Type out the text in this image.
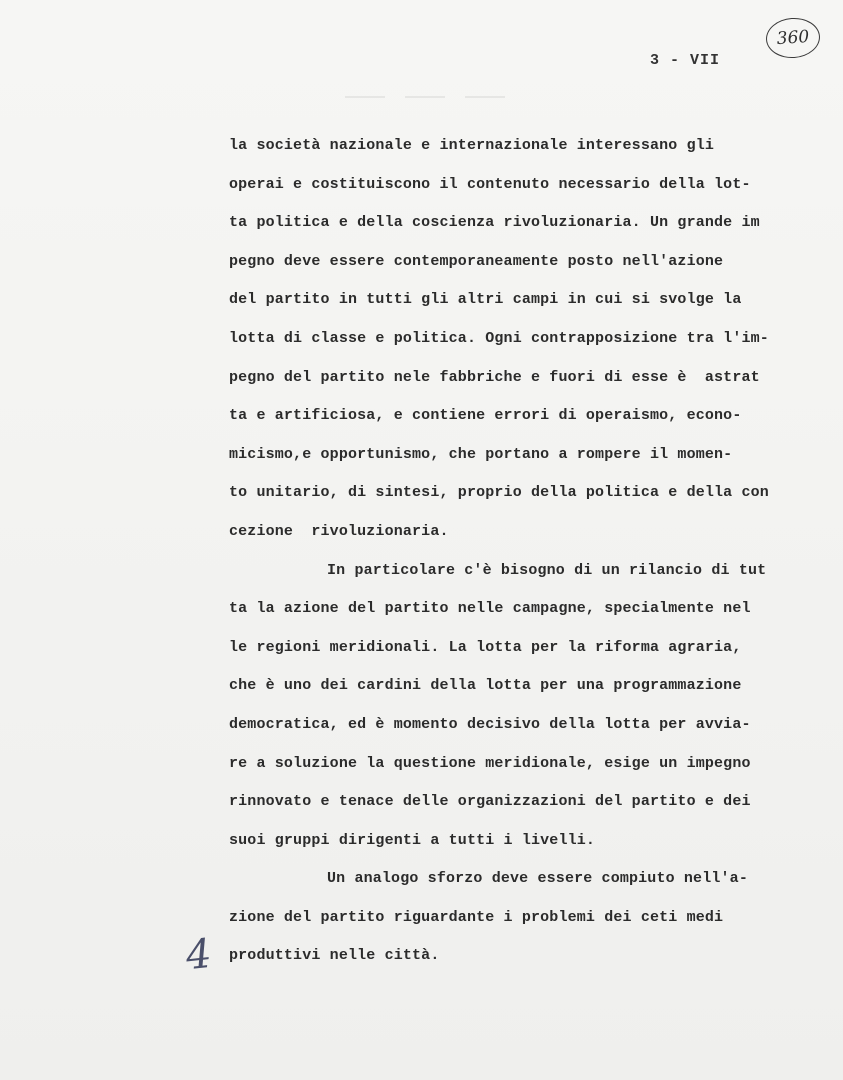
3 - VII
360
la società nazionale e internazionale interessano gli
operai e costituiscono il contenuto necessario della lot-
ta politica e della coscienza rivoluzionaria. Un grande im
pegno deve essere contemporaneamente posto nell'azione
del partito in tutti gli altri campi in cui si svolge la
lotta di classe e politica. Ogni contrapposizione tra l'im-
pegno del partito nele fabbriche e fuori di esse è  astrat
ta e artificiosa, e contiene errori di operaismo, econo-
micismo,e opportunismo, che portano a rompere il momen-
to unitario, di sintesi, proprio della politica e della con
cezione  rivoluzionaria.
In particolare c'è bisogno di un rilancio di tut
ta la azione del partito nelle campagne, specialmente nel
le regioni meridionali. La lotta per la riforma agraria,
che è uno dei cardini della lotta per una programmazione
democratica, ed è momento decisivo della lotta per avvia-
re a soluzione la questione meridionale, esige un impegno
rinnovato e tenace delle organizzazioni del partito e dei
suoi gruppi dirigenti a tutti i livelli.
Un analogo sforzo deve essere compiuto nell'a-
zione del partito riguardante i problemi dei ceti medi
produttivi nelle città.
4
